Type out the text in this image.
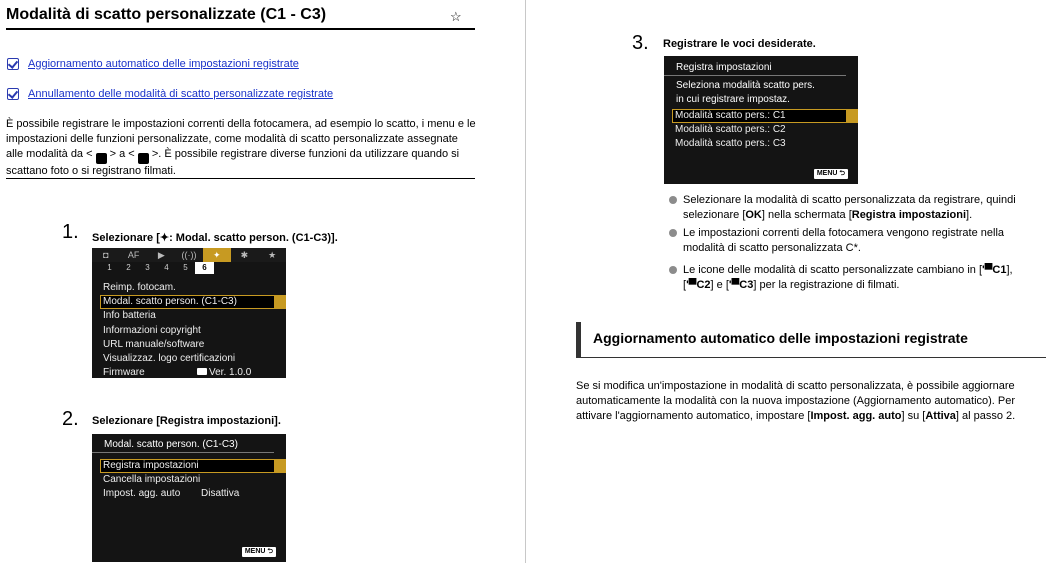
Modalità di scatto personalizzate (C1 - C3)	☆
Aggiornamento automatico delle impostazioni registrate
Annullamento delle modalità di scatto personalizzate registrate
È possibile registrare le impostazioni correnti della fotocamera, ad esempio lo scatto, i menu e le impostazioni delle funzioni personalizzate, come modalità di scatto personalizzate assegnate alle modalità da <  > a <  >. È possibile registrare diverse funzioni da utilizzare quando si scattano foto o si registrano filmati.
1. Selezionare [✦: Modal. scatto person. (C1-C3)].
◘	AF	▶	((·))	✦	✱	★
1	2	3	4	5	6
Reimp. fotocam.
Modal. scatto person. (C1-C3)
Info batteria
Informazioni copyright
URL manuale/software
Visualizzaz. logo certificazioni
Firmware	Ver. 1.0.0
2. Selezionare [Registra impostazioni].
Modal. scatto person. (C1-C3)
Registra impostazioni
Cancella impostazioni
Impost. agg. auto Disattiva
MENU ⮌
3. Registrare le voci desiderate.
Registra impostazioni
Seleziona modalità scatto pers.
in cui registrare impostaz.
Modalità scatto pers.: C1
Modalità scatto pers.: C2
Modalità scatto pers.: C3
MENU ⮌
Selezionare la modalità di scatto personalizzata da registrare, quindi selezionare [OK] nella schermata [Registra impostazioni].
Le impostazioni correnti della fotocamera vengono registrate nella modalità di scatto personalizzata C*.
Le icone delle modalità di scatto personalizzate cambiano in ['▀C1], ['▀C2] e ['▀C3] per la registrazione di filmati.
Aggiornamento automatico delle impostazioni registrate
Se si modifica un'impostazione in modalità di scatto personalizzata, è possibile aggiornare automaticamente la modalità con la nuova impostazione (Aggiornamento automatico). Per attivare l'aggiornamento automatico, impostare [Impost. agg. auto] su [Attiva] al passo 2.
